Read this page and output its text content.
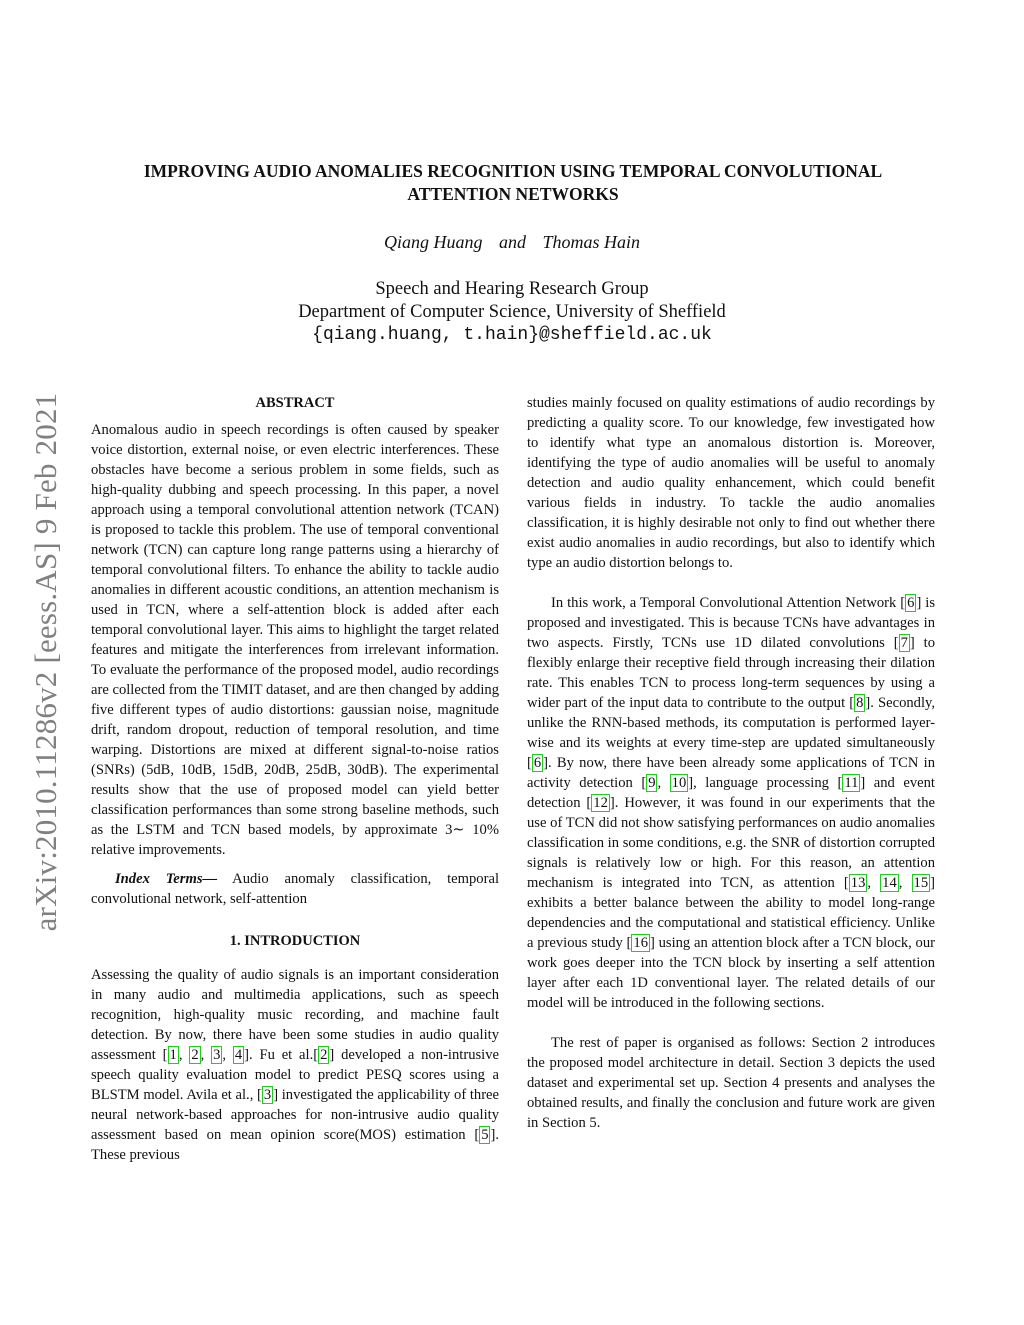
arXiv:2010.11286v2 [eess.AS] 9 Feb 2021
IMPROVING AUDIO ANOMALIES RECOGNITION USING TEMPORAL CONVOLUTIONAL
ATTENTION NETWORKS
Qiang Huang and Thomas Hain
Speech and Hearing Research Group
Department of Computer Science, University of Sheffield
{qiang.huang, t.hain}@sheffield.ac.uk
ABSTRACT

Anomalous audio in speech recordings is often caused by speaker voice distortion, external noise, or even electric interferences. These obstacles have become a serious problem in some fields, such as high-quality dubbing and speech processing. In this paper, a novel approach using a temporal convolutional attention network (TCAN) is proposed to tackle this problem. The use of temporal conventional network (TCN) can capture long range patterns using a hierarchy of temporal convolutional filters. To enhance the ability to tackle audio anomalies in different acoustic conditions, an attention mechanism is used in TCN, where a self-attention block is added after each temporal convolutional layer. This aims to highlight the target related features and mitigate the interferences from irrelevant information. To evaluate the performance of the proposed model, audio recordings are collected from the TIMIT dataset, and are then changed by adding five different types of audio distortions: gaussian noise, magnitude drift, random dropout, reduction of temporal resolution, and time warping. Distortions are mixed at different signal-to-noise ratios (SNRs) (5dB, 10dB, 15dB, 20dB, 25dB, 30dB). The experimental results show that the use of proposed model can yield better classification performances than some strong baseline methods, such as the LSTM and TCN based models, by approximate 3∼ 10% relative improvements.

Index Terms— Audio anomaly classification, temporal convolutional network, self-attention

1. INTRODUCTION

Assessing the quality of audio signals is an important consideration in many audio and multimedia applications, such as speech recognition, high-quality music recording, and machine fault detection. By now, there have been some studies in audio quality assessment [ 1 , 2 , 3 , 4 ]. Fu et al.[ 2 ] developed a non-intrusive speech quality evaluation model to predict PESQ scores using a BLSTM model. Avila et al., [ 3 ] investigated the applicability of three neural network-based approaches for non-intrusive audio quality assessment based on mean opinion score(MOS) estimation [ 5 ]. These previous

studies mainly focused on quality estimations of audio recordings by predicting a quality score. To our knowledge, few investigated how to identify what type an anomalous distortion is. Moreover, identifying the type of audio anomalies will be useful to anomaly detection and audio quality enhancement, which could benefit various fields in industry. To tackle the audio anomalies classification, it is highly desirable not only to find out whether there exist audio anomalies in audio recordings, but also to identify which type an audio distortion belongs to.

In this work, a Temporal Convolutional Attention Network [ 6 ] is proposed and investigated. This is because TCNs have advantages in two aspects. Firstly, TCNs use 1D dilated convolutions [ 7 ] to flexibly enlarge their receptive field through increasing their dilation rate. This enables TCN to process long-term sequences by using a wider part of the input data to contribute to the output [ 8 ]. Secondly, unlike the RNN-based methods, its computation is performed layer-wise and its weights at every time-step are updated simultaneously [ 6 ]. By now, there have been already some applications of TCN in activity detection [ 9 , 10 ], language processing [ 11 ] and event detection [ 12 ]. However, it was found in our experiments that the use of TCN did not show satisfying performances on audio anomalies classification in some conditions, e.g. the SNR of distortion corrupted signals is relatively low or high. For this reason, an attention mechanism is integrated into TCN, as attention [ 13 , 14 , 15 ] exhibits a better balance between the ability to model long-range dependencies and the computational and statistical efficiency. Unlike a previous study [ 16 ] using an attention block after a TCN block, our work goes deeper into the TCN block by inserting a self attention layer after each 1D conventional layer. The related details of our model will be introduced in the following sections.

The rest of paper is organised as follows: Section 2 introduces the proposed model architecture in detail. Section 3 depicts the used dataset and experimental set up. Section 4 presents and analyses the obtained results, and finally the conclusion and future work are given in Section 5.
